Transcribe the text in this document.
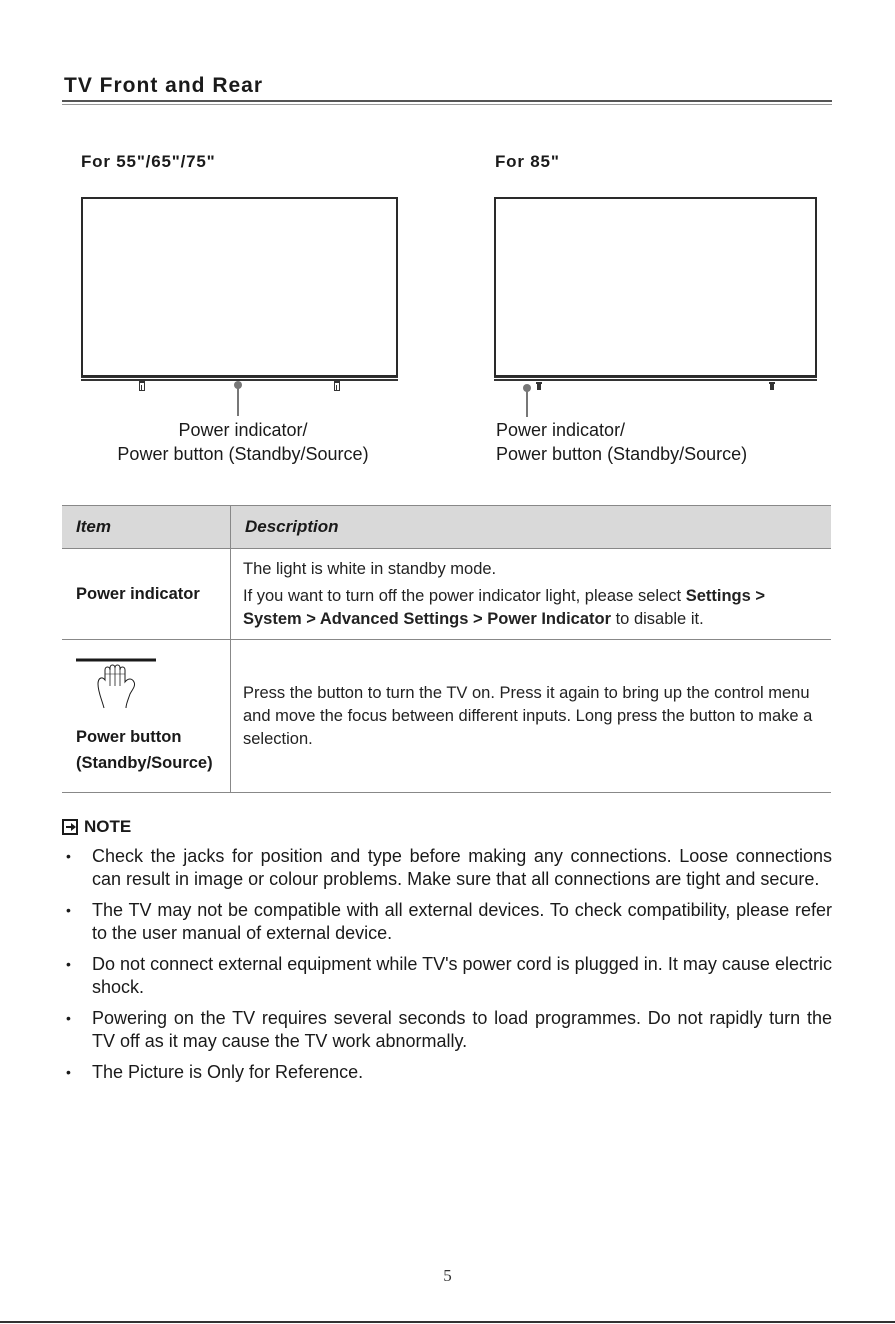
TV Front and Rear
For 55"/65"/75"
Power indicator/
Power button (Standby/Source)
For 85"
Power indicator/
Power button (Standby/Source)
Item	Description
Power indicator	The light is white in standby mode.
If you want to turn off the power indicator light, please select Settings > System > Advanced Settings > Power Indicator to disable it.

Power button
(Standby/Source)	Press the button to turn the TV on. Press it again to bring up the control menu and move the focus between different inputs. Long press the button to make a selection.
NOTE
• Check the jacks for position and type before making any connections. Loose connections can result in image or colour problems. Make sure that all connections are tight and secure.
• The TV may not be compatible with all external devices. To check compatibility, please refer to the user manual of external device.
• Do not connect external equipment while TV's power cord is plugged in. It may cause electric shock.
• Powering on the TV requires several seconds to load programmes. Do not rapidly turn the TV off as it may cause the TV work abnormally.
• The Picture is Only for Reference.
5
